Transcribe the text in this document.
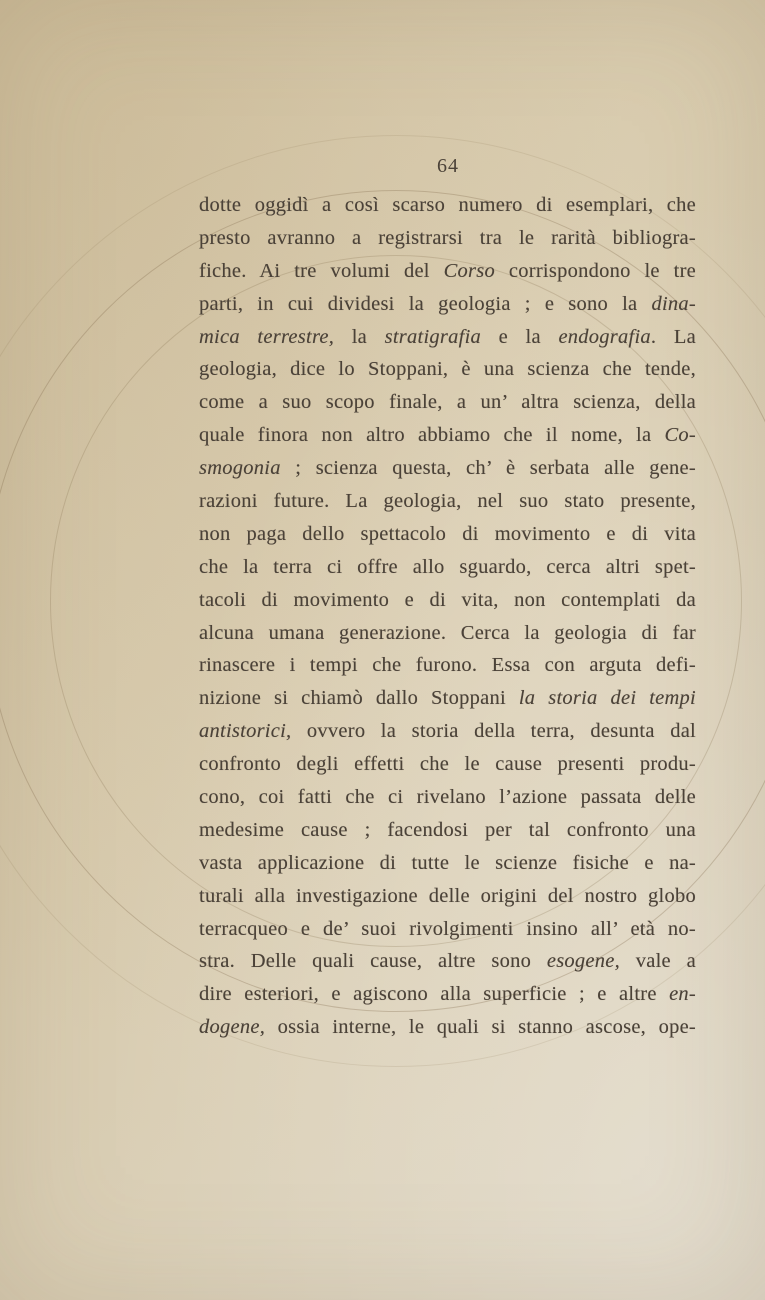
64
dotte oggidì a così scarso numero di esemplari, che
presto avranno a registrarsi tra le rarità bibliogra-
fiche. Ai tre volumi del Corso corrispondono le tre
parti, in cui dividesi la geologia ; e sono la dina-
mica terrestre, la stratigrafia e la endografia. La
geologia, dice lo Stoppani, è una scienza che tende,
come a suo scopo finale, a un’ altra scienza, della
quale finora non altro abbiamo che il nome, la Co-
smogonia ; scienza questa, ch’ è serbata alle gene-
razioni future. La geologia, nel suo stato presente,
non paga dello spettacolo di movimento e di vita
che la terra ci offre allo sguardo, cerca altri spet-
tacoli di movimento e di vita, non contemplati da
alcuna umana generazione. Cerca la geologia di far
rinascere i tempi che furono. Essa con arguta defi-
nizione si chiamò dallo Stoppani la storia dei tempi
antistorici, ovvero la storia della terra, desunta dal
confronto degli effetti che le cause presenti produ-
cono, coi fatti che ci rivelano l’azione passata delle
medesime cause ; facendosi per tal confronto una
vasta applicazione di tutte le scienze fisiche e na-
turali alla investigazione delle origini del nostro globo
terracqueo e de’ suoi rivolgimenti insino all’ età no-
stra. Delle quali cause, altre sono esogene, vale a
dire esteriori, e agiscono alla superficie ; e altre en-
dogene, ossia interne, le quali si stanno ascose, ope-
